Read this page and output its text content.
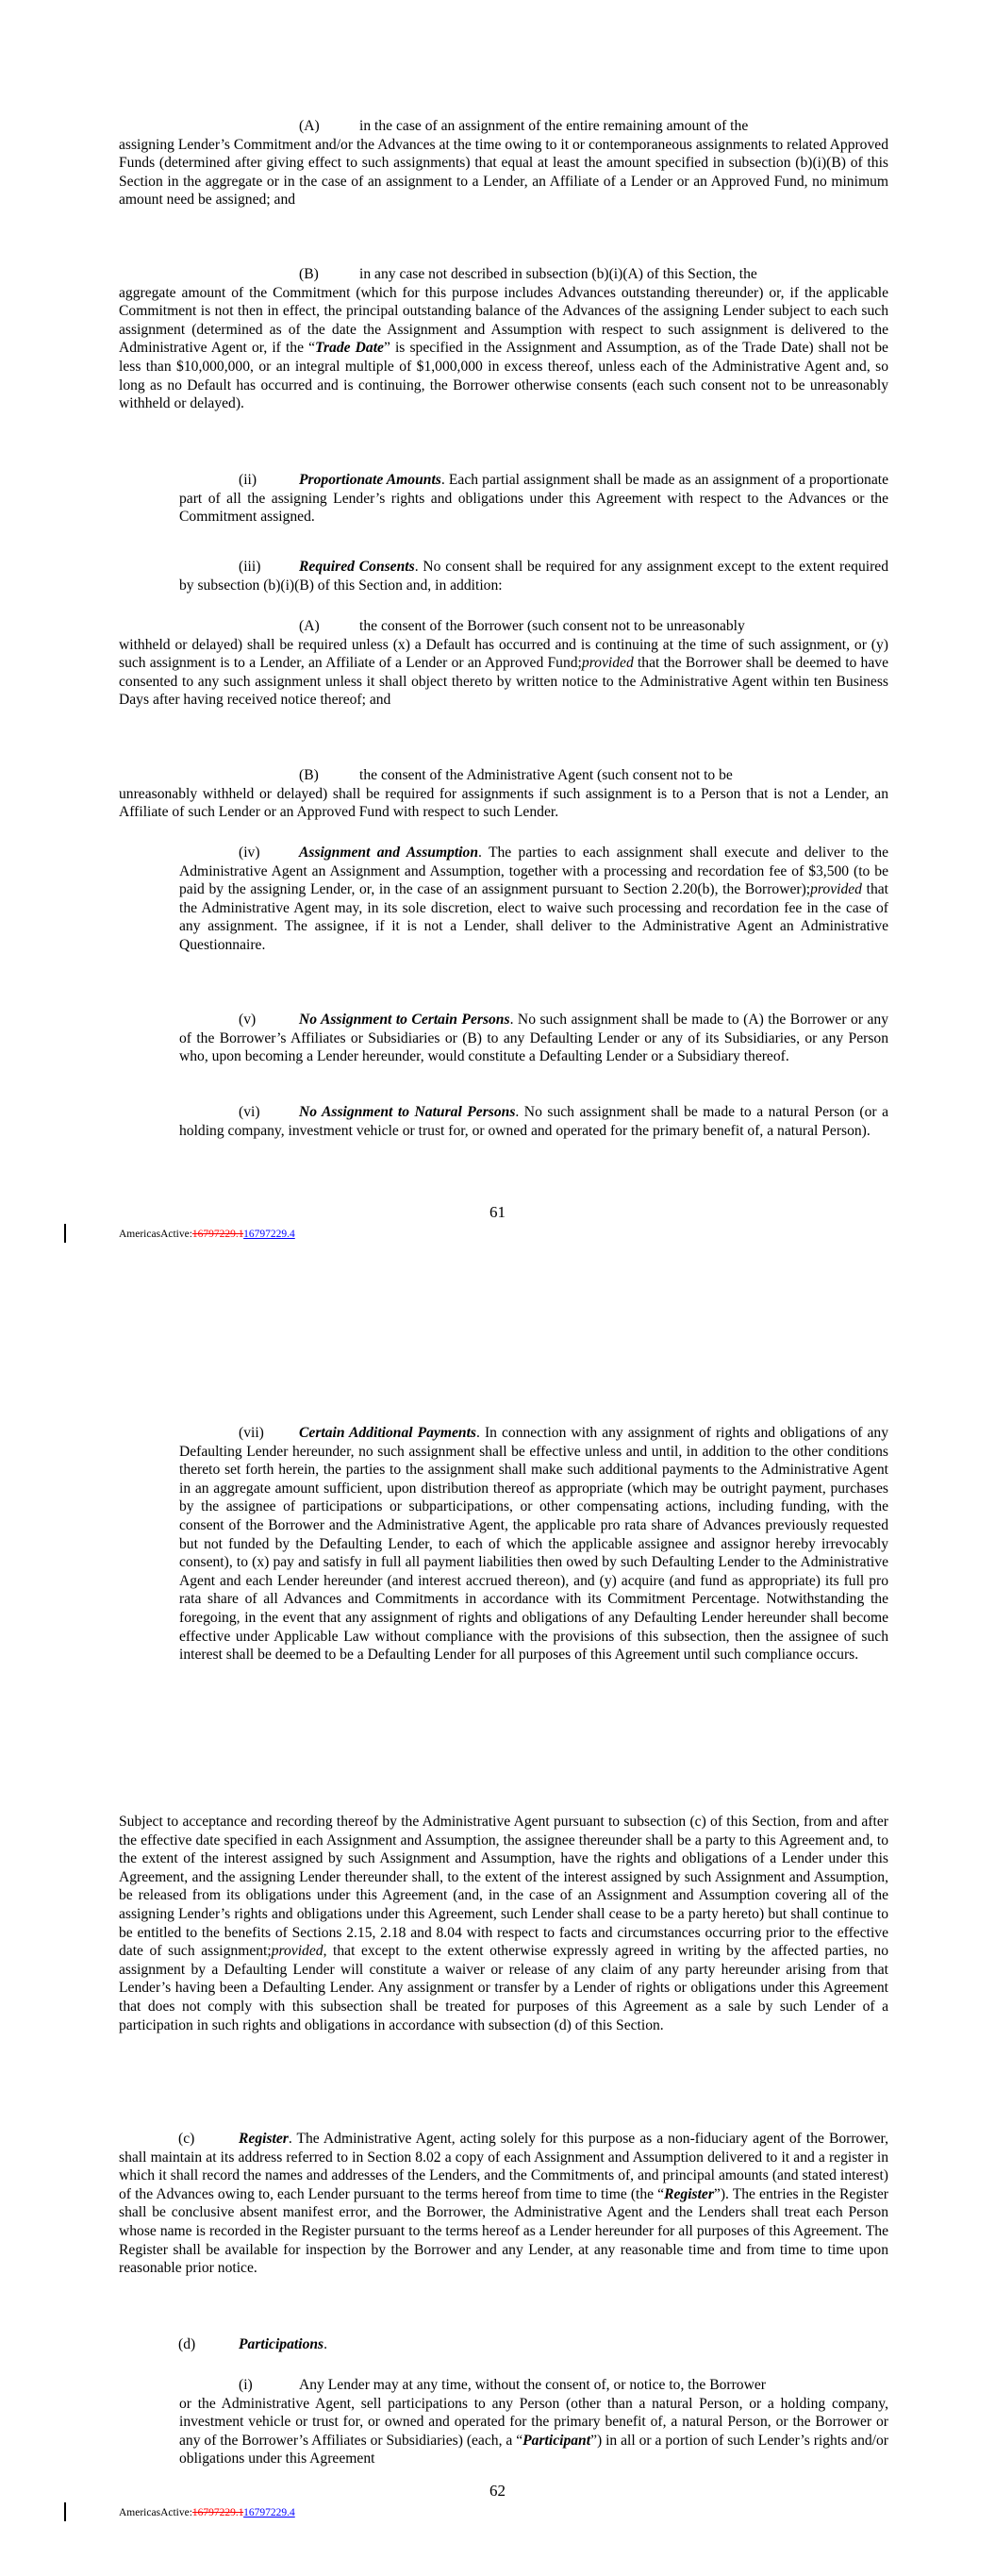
(A)	in the case of an assignment of the entire remaining amount of the

assigning Lender’s Commitment and/or the Advances at the time owing to it or contemporaneous assignments to related Approved Funds (determined after giving effect to such assignments) that equal at least the amount specified in subsection (b)(i)(B) of this Section in the aggregate or in the case of an assignment to a Lender, an Affiliate of a Lender or an Approved Fund, no minimum amount need be assigned; and

(B)	in any case not described in subsection (b)(i)(A) of this Section, the

aggregate amount of the Commitment (which for this purpose includes Advances outstanding thereunder) or, if the applicable Commitment is not then in effect, the principal outstanding balance of the Advances of the assigning Lender subject to each such assignment (determined as of the date the Assignment and Assumption with respect to such assignment is delivered to the Administrative Agent or, if the “Trade Date” is specified in the Assignment and Assumption, as of the Trade Date) shall not be less than $10,000,000, or an integral multiple of $1,000,000 in excess thereof, unless each of the Administrative Agent and, so long as no Default has occurred and is continuing, the Borrower otherwise consents (each such consent not to be unreasonably withheld or delayed).

(ii)	Proportionate Amounts. Each partial assignment shall be made as an assignment of a proportionate part of all the assigning Lender’s rights and obligations under this Agreement with respect to the Advances or the Commitment assigned.

(iii)	Required Consents. No consent shall be required for any assignment except to the extent required by subsection (b)(i)(B) of this Section and, in addition:

(A)	the consent of the Borrower (such consent not to be unreasonably

withheld or delayed) shall be required unless (x) a Default has occurred and is continuing at the time of such assignment, or (y) such assignment is to a Lender, an Affiliate of a Lender or an Approved Fund;provided that the Borrower shall be deemed to have consented to any such assignment unless it shall object thereto by written notice to the Administrative Agent within ten Business Days after having received notice thereof; and

(B)	the consent of the Administrative Agent (such consent not to be

unreasonably withheld or delayed) shall be required for assignments if such assignment is to a Person that is not a Lender, an Affiliate of such Lender or an Approved Fund with respect to such Lender.

(iv)	Assignment and Assumption. The parties to each assignment shall execute and deliver to the Administrative Agent an Assignment and Assumption, together with a processing and recordation fee of $3,500 (to be paid by the assigning Lender, or, in the case of an assignment pursuant to Section 2.20(b), the Borrower);provided that the Administrative Agent may, in its sole discretion, elect to waive such processing and recordation fee in the case of any assignment. The assignee, if it is not a Lender, shall deliver to the Administrative Agent an Administrative Questionnaire.

(v)	No Assignment to Certain Persons. No such assignment shall be made to (A) the Borrower or any of the Borrower’s Affiliates or Subsidiaries or (B) to any Defaulting Lender or any of its Subsidiaries, or any Person who, upon becoming a Lender hereunder, would constitute a Defaulting Lender or a Subsidiary thereof.

(vi)	No Assignment to Natural Persons. No such assignment shall be made to a natural Person (or a holding company, investment vehicle or trust for, or owned and operated for the primary benefit of, a natural Person).

61
AmericasActive:16797229.116797229.4

(vii) Certain Additional Payments. In connection with any assignment of rights and obligations of any Defaulting Lender hereunder, no such assignment shall be effective unless and until, in addition to the other conditions thereto set forth herein, the parties to the assignment shall make such additional payments to the Administrative Agent in an aggregate amount sufficient, upon distribution thereof as appropriate (which may be outright payment, purchases by the assignee of participations or subparticipations, or other compensating actions, including funding, with the consent of the Borrower and the Administrative Agent, the applicable pro rata share of Advances previously requested but not funded by the Defaulting Lender, to each of which the applicable assignee and assignor hereby irrevocably consent), to (x) pay and satisfy in full all payment liabilities then owed by such Defaulting Lender to the Administrative Agent and each Lender hereunder (and interest accrued thereon), and (y) acquire (and fund as appropriate) its full pro rata share of all Advances and Commitments in accordance with its Commitment Percentage. Notwithstanding the foregoing, in the event that any assignment of rights and obligations of any Defaulting Lender hereunder shall become effective under Applicable Law without compliance with the provisions of this subsection, then the assignee of such interest shall be deemed to be a Defaulting Lender for all purposes of this Agreement until such compliance occurs.

Subject to acceptance and recording thereof by the Administrative Agent pursuant to subsection (c) of this Section, from and after the effective date specified in each Assignment and Assumption, the assignee thereunder shall be a party to this Agreement and, to the extent of the interest assigned by such Assignment and Assumption, have the rights and obligations of a Lender under this Agreement, and the assigning Lender thereunder shall, to the extent of the interest assigned by such Assignment and Assumption, be released from its obligations under this Agreement (and, in the case of an Assignment and Assumption covering all of the assigning Lender’s rights and obligations under this Agreement, such Lender shall cease to be a party hereto) but shall continue to be entitled to the benefits of Sections 2.15, 2.18 and 8.04 with respect to facts and circumstances occurring prior to the effective date of such assignment;provided, that except to the extent otherwise expressly agreed in writing by the affected parties, no assignment by a Defaulting Lender will constitute a waiver or release of any claim of any party hereunder arising from that Lender’s having been a Defaulting Lender. Any assignment or transfer by a Lender of rights or obligations under this Agreement that does not comply with this subsection shall be treated for purposes of this Agreement as a sale by such Lender of a participation in such rights and obligations in accordance with subsection (d) of this Section.

(c)	Register. The Administrative Agent, acting solely for this purpose as a non-fiduciary agent of the Borrower, shall maintain at its address referred to in Section 8.02 a copy of each Assignment and Assumption delivered to it and a register in which it shall record the names and addresses of the Lenders, and the Commitments of, and principal amounts (and stated interest) of the Advances owing to, each Lender pursuant to the terms hereof from time to time (the “Register”). The entries in the Register shall be conclusive absent manifest error, and the Borrower, the Administrative Agent and the Lenders shall treat each Person whose name is recorded in the Register pursuant to the terms hereof as a Lender hereunder for all purposes of this Agreement. The Register shall be available for inspection by the Borrower and any Lender, at any reasonable time and from time to time upon reasonable prior notice.

(d)	Participations.

(i)	Any Lender may at any time, without the consent of, or notice to, the Borrower

or the Administrative Agent, sell participations to any Person (other than a natural Person, or a holding company, investment vehicle or trust for, or owned and operated for the primary benefit of, a natural Person, or the Borrower or any of the Borrower’s Affiliates or Subsidiaries) (each, a “Participant”) in all or a portion of such Lender’s rights and/or obligations under this Agreement

62
AmericasActive:16797229.116797229.4
